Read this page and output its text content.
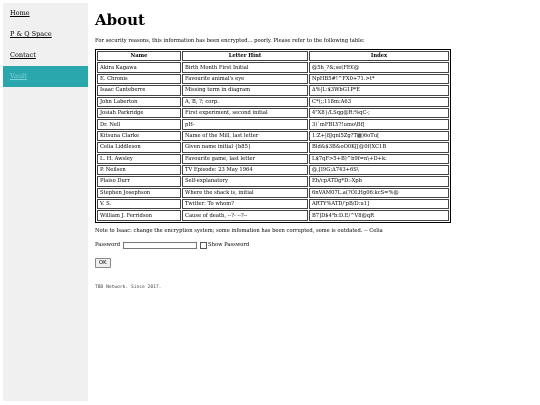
Home
P & Q Space
Contact
Vault
About
For security reasons, this information has been encrypted... poorly. Please refer to the following table:
Name	Letter Hint	Index
Akira Kagawa	Birth Month First Initial	@5h_?&;se(FE€@
E. Chronis	Favourite animal's eye	NpHB5#!^FX0+71.>t*
Isaac Canteberre	Missing term in diagram	∆%|L:$3WbG1P*E
John Laberton	A, B, ?; corp.	C*(;;118m:A63
Josiah Parkridge	First experiment, second initial	4"X8}/LSqg@R:%qC-;
Dr. Nell	pH-	3)`mFBLY?!umo\Bf[
Kitsuna Clarke	Name of the Mill, last letter	1:Z+|8Jqnl5Zg?T▩)6oTu[
Celia Liddleson	Given name initial {b85}	Bld&$3B&oO0K[[@0f(XC1B
L. H. Awsley	Favourite game, last letter	L$7qF>5+B)^b9f=n\+D+k:
P. Neilsen	TV Episode: 23 May 1964	@,[I9G;∆743+6S\
Plaiso Durr	Self-explanatory	Eh/cpATDg*D:-Xpb
Stephen Josephson	Where the shack is, initial	6nVAM07L.a(?OLHg06:kcS=%@
V. S.	Twitter: To whom?	ARTY%ATD/'pB/D:u1]
William J. Ferridson	Cause of death, --?- --?--	B7]D$4⁹b:D.E/^V8@qR
Note to Isaac: change the encryption system; some infomation has been corrupted, some is outdated. -- Celia
Password	Show Password
OK
TBD Network. Since 2017.
